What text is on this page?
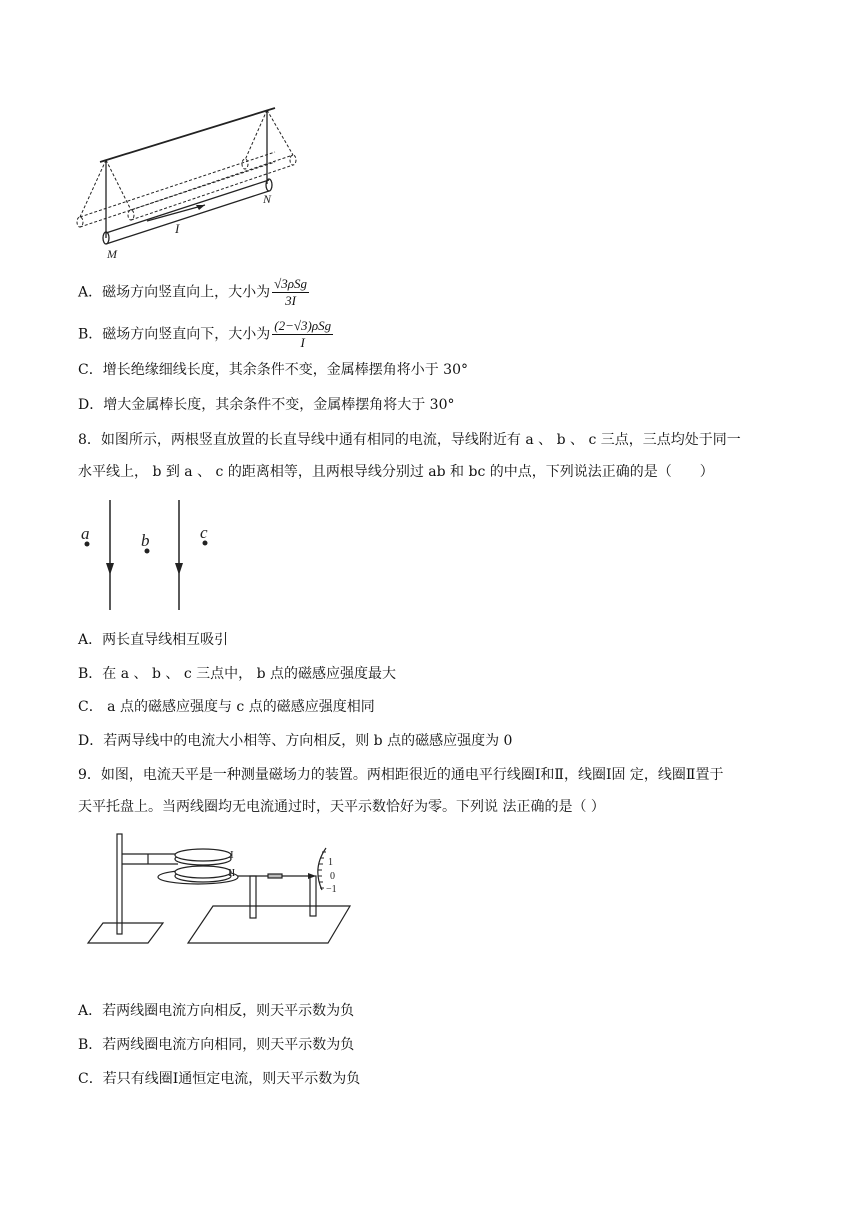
M
N
I
A．磁场方向竖直向上，大小为 $\frac{\text{√3ρSg}}{3I}$
B．磁场方向竖直向下，大小为 $\frac{\text{(2−√3)ρSg}}{I}$
C．增长绝缘细线长度，其余条件不变，金属棒摆角将小于 30°
D．增大金属棒长度，其余条件不变，金属棒摆角将大于 30°
8．如图所示，两根竖直放置的长直导线中通有相同的电流，导线附近有 a 、 b 、 c 三点，三点均处于同一
水平线上， b 到 a 、 c 的距离相等，且两根导线分别过 ab 和 bc 的中点，下列说法正确的是（　　）
a	b	c
A．两长直导线相互吸引
B．在 a 、 b 、 c 三点中， b 点的磁感应强度最大
C． a 点的磁感应强度与 c 点的磁感应强度相同
D．若两导线中的电流大小相等、方向相反，则 b 点的磁感应强度为 0
9．如图，电流天平是一种测量磁场力的装置。两相距很近的通电平行线圈Ⅰ和Ⅱ，线圈Ⅰ固 定，线圈Ⅱ置于
天平托盘上。当两线圈均无电流通过时，天平示数恰好为零。下列说 法正确的是（ ）
I
II
1
0
−1
A．若两线圈电流方向相反，则天平示数为负
B．若两线圈电流方向相同，则天平示数为负
C．若只有线圈Ⅰ通恒定电流，则天平示数为负
